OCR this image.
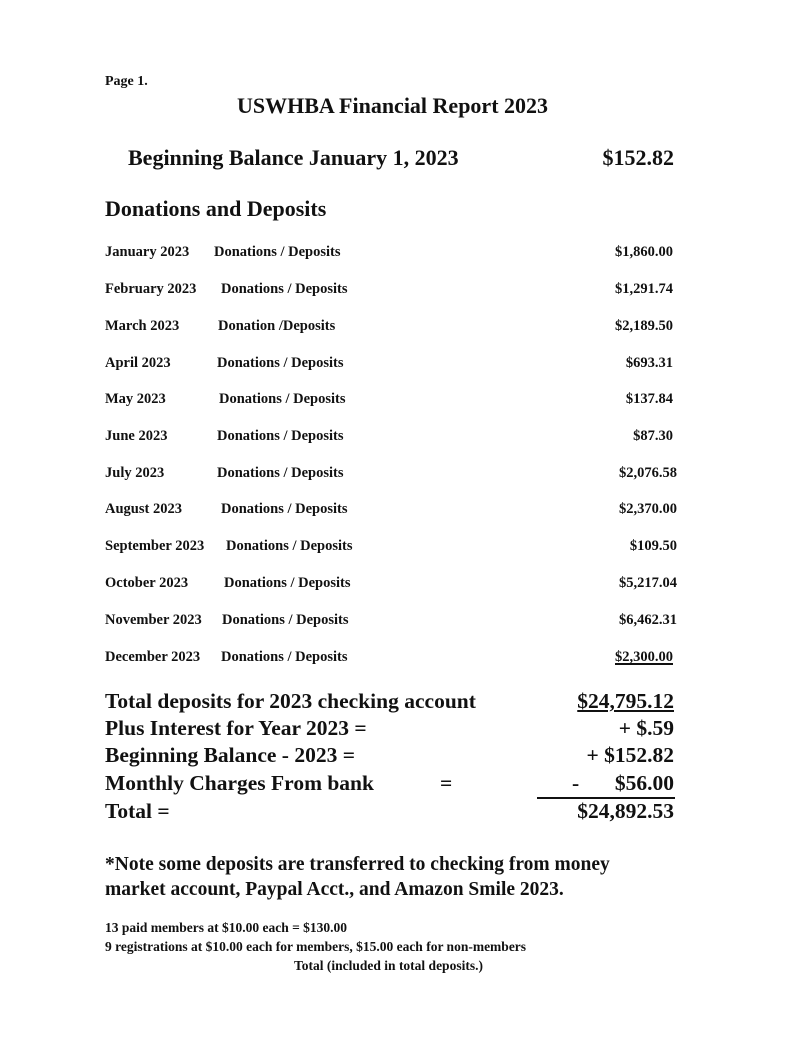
Page 1.
USWHBA Financial Report 2023
Beginning Balance January 1, 2023	$152.82
Donations and Deposits
January 2023 Donations / Deposits	$1,860.00
February 2023 Donations / Deposits	$1,291.74
March 2023	Donation /Deposits	$2,189.50
April 2023	Donations / Deposits	$693.31
May 2023	Donations / Deposits	$137.84
June 2023	Donations / Deposits	$87.30
July 2023	Donations / Deposits	$2,076.58
August 2023	Donations / Deposits	$2,370.00
September 2023 Donations / Deposits	$109.50
October 2023 Donations / Deposits	$5,217.04
November 2023 Donations / Deposits	$6,462.31
December 2023 Donations / Deposits	$2,300.00
Total deposits for 2023 checking account	$24,795.12
Plus Interest for Year 2023 =	+ $.59
Beginning Balance - 2023 =	+ $152.82
Monthly Charges From bank	=	- $56.00
Total =	$24,892.53
*Note some deposits are transferred to checking from money
market account, Paypal Acct., and Amazon Smile 2023.
13 paid members at $10.00 each = $130.00
9 registrations at $10.00 each for members, $15.00 each for non-members
Total (included in total deposits.)
